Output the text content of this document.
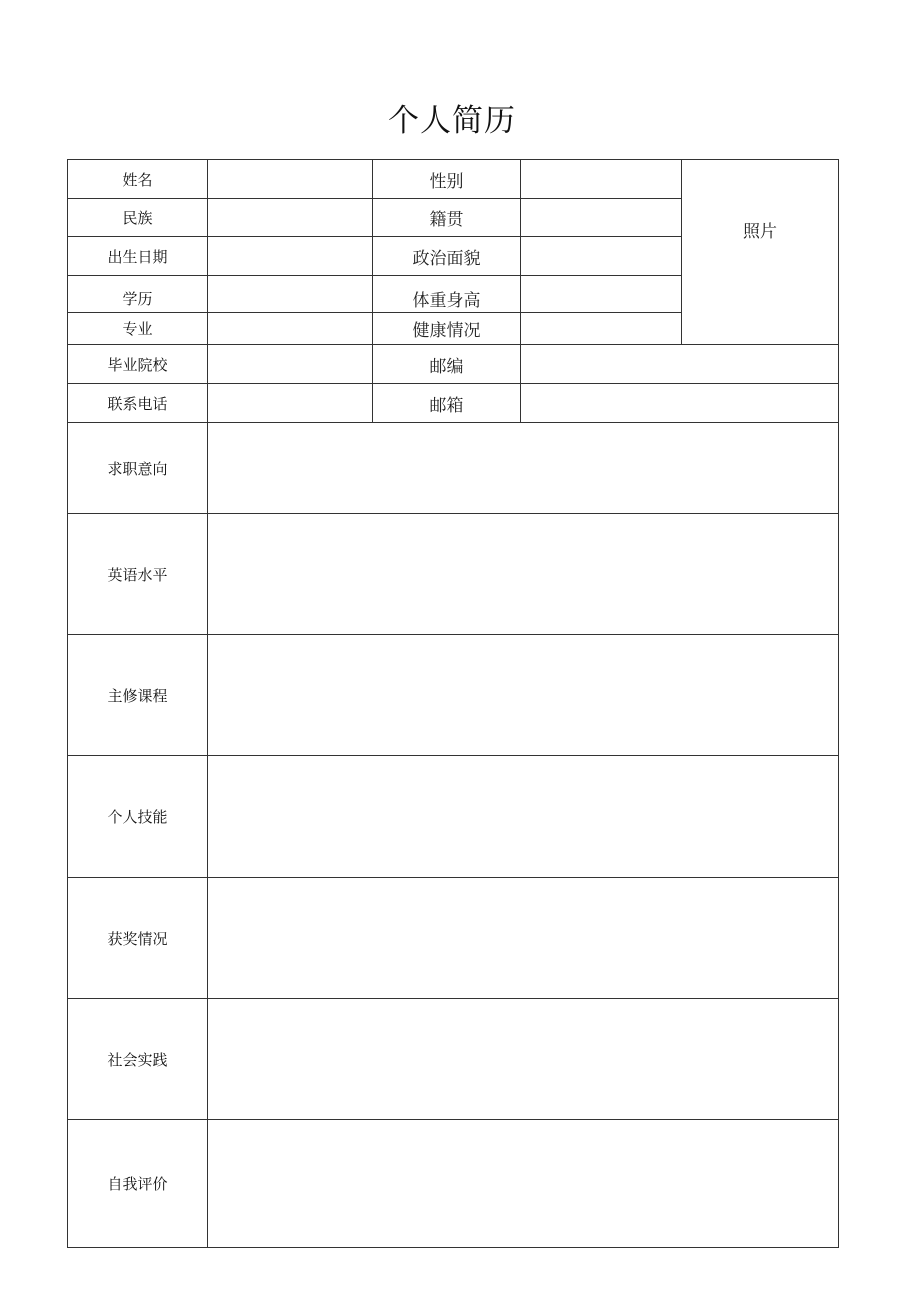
个人简历
姓名		性别		照片
民族		籍贯		
出生日期		政治面貌		
学历		体重身高		
专业		健康情况		
毕业院校		邮编		
联系电话		邮箱		
求职意向				
英语水平				
主修课程				
个人技能				
获奖情况				
社会实践				
自我评价				
